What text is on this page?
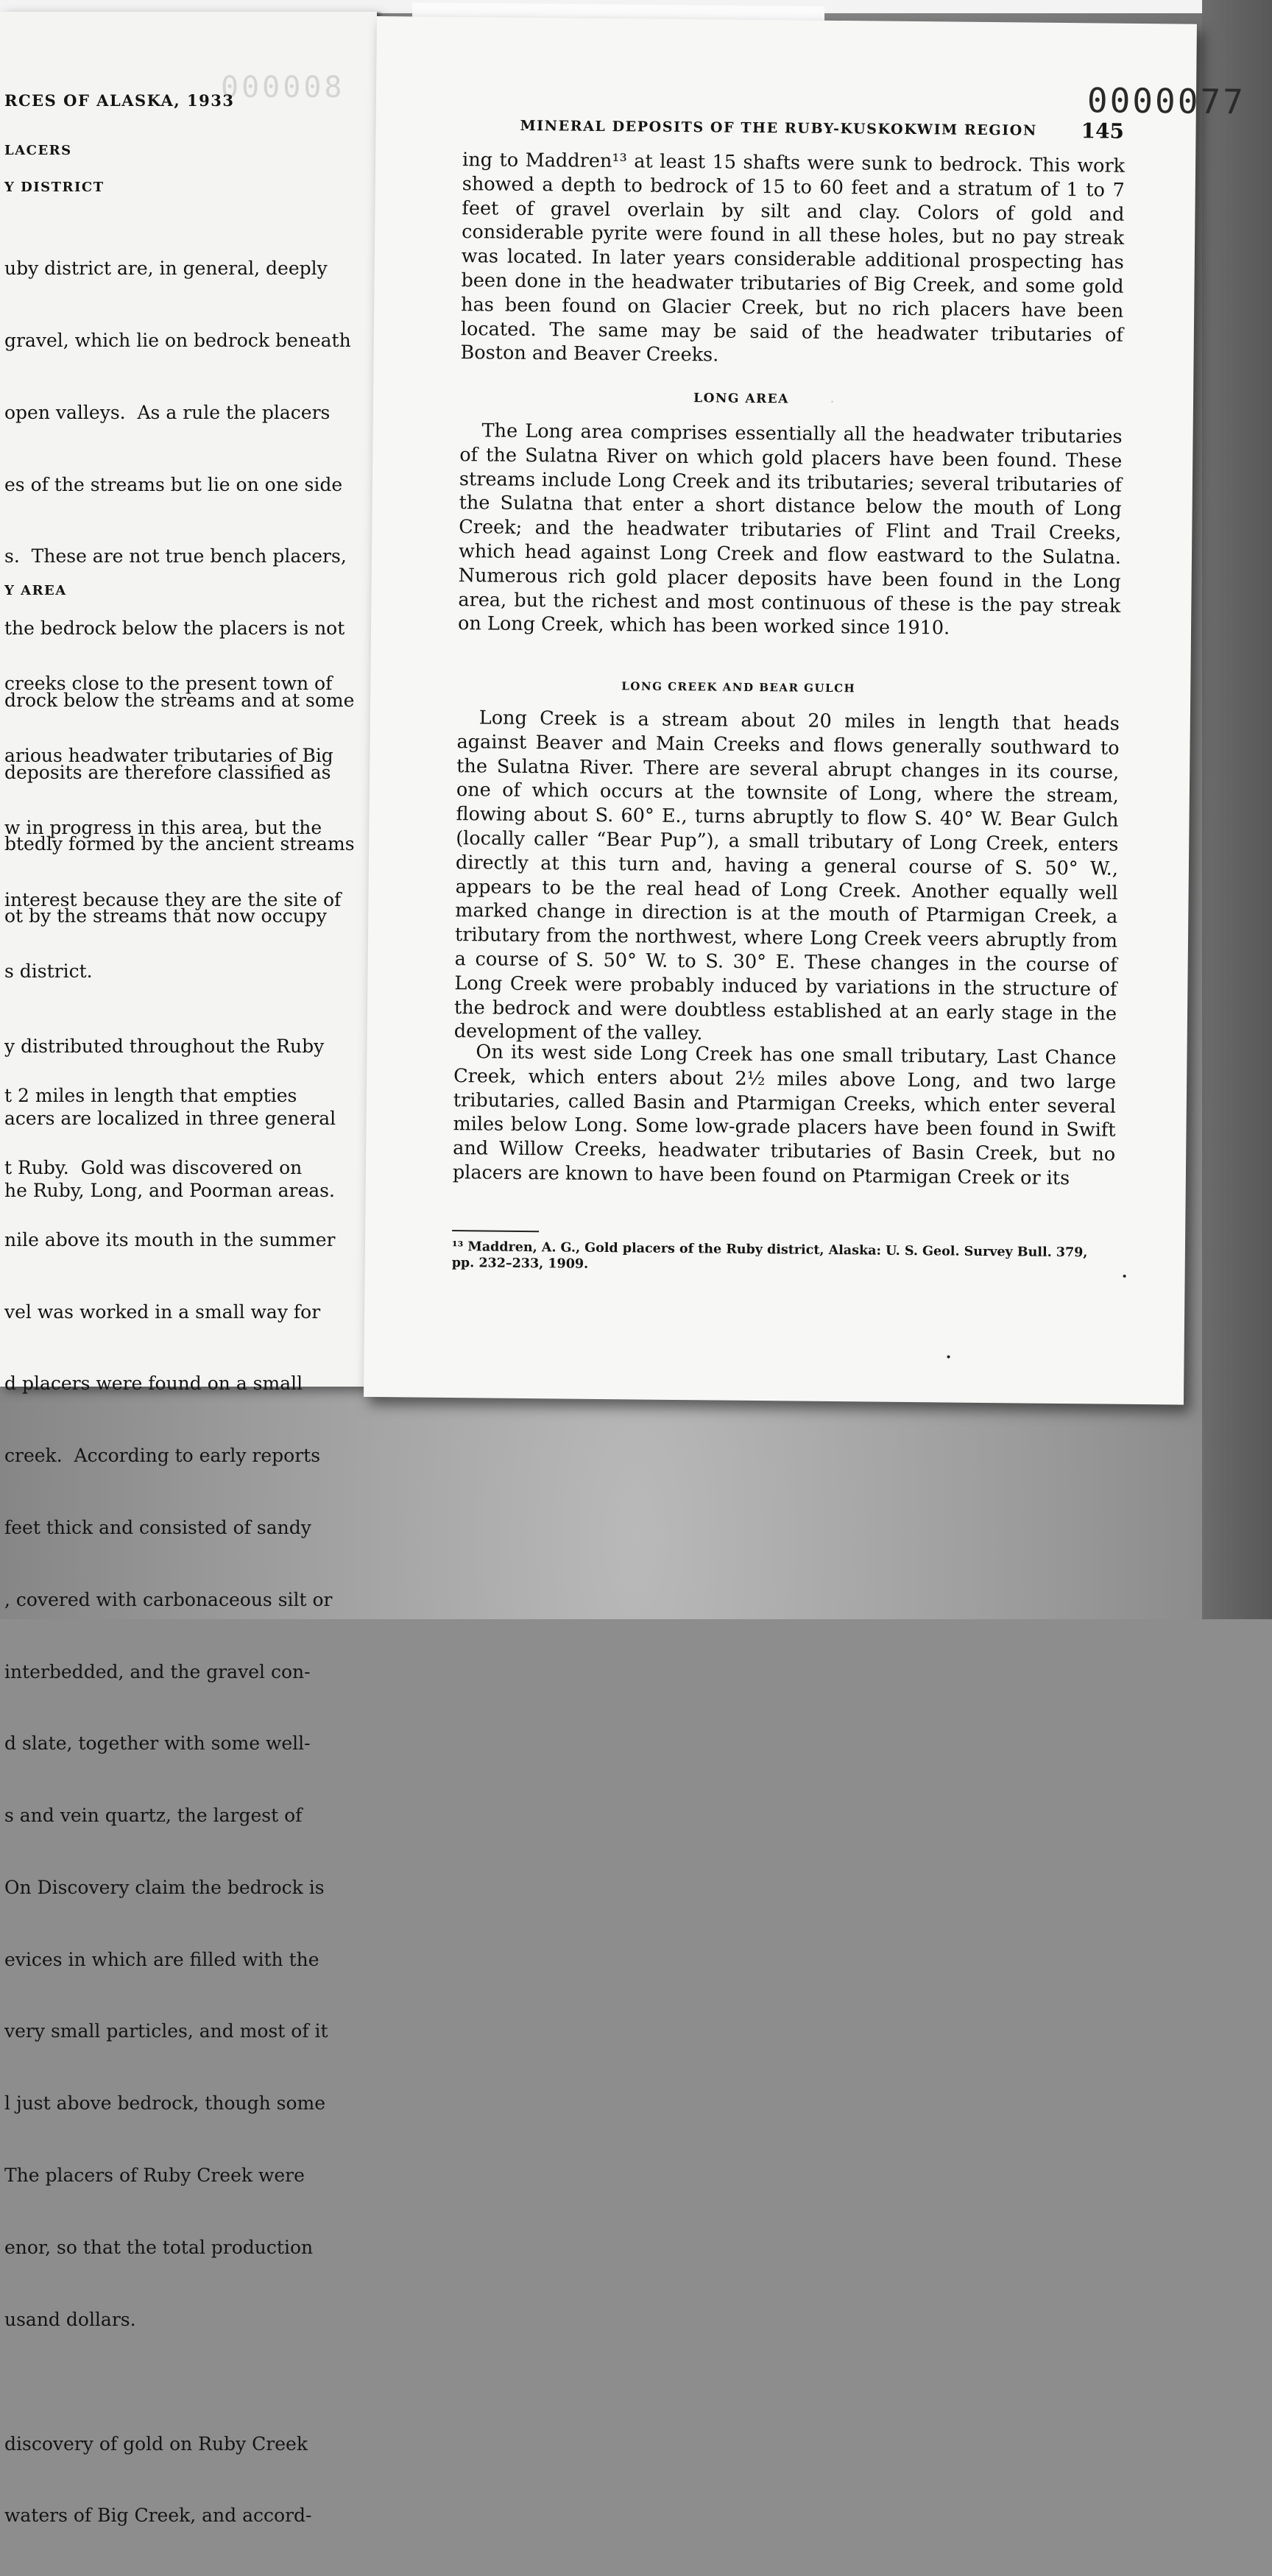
000008
RCES OF ALASKA, 1933
LACERS
Y DISTRICT

uby district are, in general, deeply

gravel, which lie on bedrock beneath

open valleys.  As a rule the placers

es of the streams but lie on one side

s.  These are not true bench placers,

the bedrock below the placers is not

drock below the streams and at some

deposits are therefore classified as

btedly formed by the ancient streams

ot by the streams that now occupy

y distributed throughout the Ruby

acers are localized in three general

he Ruby, Long, and Poorman areas.

Y AREA

creeks close to the present town of

arious headwater tributaries of Big

w in progress in this area, but the

interest because they are the site of

s district.

t 2 miles in length that empties

t Ruby.  Gold was discovered on

nile above its mouth in the summer

vel was worked in a small way for

d placers were found on a small

creek.  According to early reports

feet thick and consisted of sandy

, covered with carbonaceous silt or

interbedded, and the gravel con-

d slate, together with some well-

s and vein quartz, the largest of

On Discovery claim the bedrock is

evices in which are filled with the

very small particles, and most of it

l just above bedrock, though some

The placers of Ruby Creek were

enor, so that the total production

usand dollars.

discovery of gold on Ruby Creek

waters of Big Creek, and accord-

0000077
MINERAL DEPOSITS OF THE RUBY-KUSKOKWIM REGION 145
.

ing to Maddren¹³ at least 15 shafts were sunk to bedrock. This work showed a depth to bedrock of 15 to 60 feet and a stratum of 1 to 7 feet of gravel overlain by silt and clay. Colors of gold and considerable pyrite were found in all these holes, but no pay streak was located. In later years considerable additional prospecting has been done in the headwater tributaries of Big Creek, and some gold has been found on Glacier Creek, but no rich placers have been located. The same may be said of the headwater tributaries of Boston and Beaver Creeks.

LONG AREA

The Long area comprises essentially all the headwater tributaries of the Sulatna River on which gold placers have been found. These streams include Long Creek and its tributaries; several tributaries of the Sulatna that enter a short distance below the mouth of Long Creek; and the headwater tributaries of Flint and Trail Creeks, which head against Long Creek and flow eastward to the Sulatna. Numerous rich gold placer deposits have been found in the Long area, but the richest and most continuous of these is the pay streak on Long Creek, which has been worked since 1910.

LONG CREEK AND BEAR GULCH

Long Creek is a stream about 20 miles in length that heads against Beaver and Main Creeks and flows generally southward to the Sulatna River. There are several abrupt changes in its course, one of which occurs at the townsite of Long, where the stream, flowing about S. 60° E., turns abruptly to flow S. 40° W. Bear Gulch (locally caller “Bear Pup”), a small tributary of Long Creek, enters directly at this turn and, having a general course of S. 50° W., appears to be the real head of Long Creek. Another equally well marked change in direction is at the mouth of Ptarmigan Creek, a tributary from the northwest, where Long Creek veers abruptly from a course of S. 50° W. to S. 30° E. These changes in the course of Long Creek were probably induced by variations in the structure of the bedrock and were doubtless established at an early stage in the development of the valley.

On its west side Long Creek has one small tributary, Last Chance Creek, which enters about 2½ miles above Long, and two large tributaries, called Basin and Ptarmigan Creeks, which enter several miles below Long. Some low-grade placers have been found in Swift and Willow Creeks, headwater tributaries of Basin Creek, but no placers are known to have been found on Ptarmigan Creek or its

¹³ Maddren, A. G., Gold placers of the Ruby district, Alaska: U. S. Geol. Survey Bull. 379, pp. 232–233, 1909.
